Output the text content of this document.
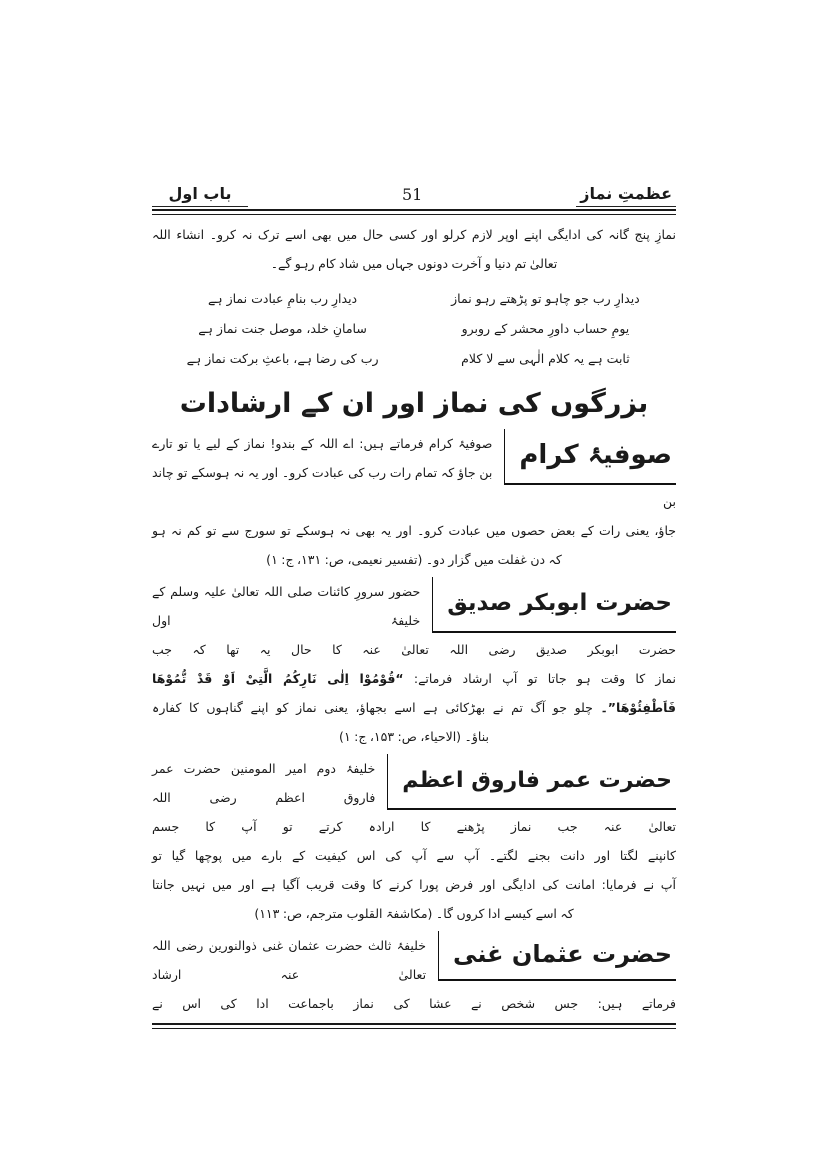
عظمتِ نماز
51
باب اول
نمازِ پنج گانہ کی ادایگی اپنے اوپر لازم کرلو اور کسی حال میں بھی اسے ترک نہ کرو۔ انشاء اللہ
تعالیٰ تم دنیا و آخرت دونوں جہاں میں شاد کام رہو گے۔
دیدارِ رب جو چاہو تو پڑھتے رہو نماز
دیدارِ رب بنامِ عبادت نماز ہے
یومِ حساب داورِ محشر کے روبرو
سامانِ خلد، موصل جنت نماز ہے
ثابت ہے یہ کلام الٰہی سے لا کلام
رب کی رضا ہے، باعثِ برکت نماز ہے
بزرگوں کی نماز اور ان کے ارشادات
صوفیۂ کرام
صوفیۂ کرام فرماتے ہیں: اے اللہ کے بندو! نماز کے لیے یا تو تارے
بن جاؤ کہ تمام رات رب کی عبادت کرو۔ اور یہ نہ ہوسکے تو چاند بن
جاؤ، یعنی رات کے بعض حصوں میں عبادت کرو۔ اور یہ بھی نہ ہوسکے تو سورج سے تو کم نہ ہو
کہ دن غفلت میں گزار دو۔ (تفسیر نعیمی، ص: ۱۳۱، ج: ۱)
حضرت ابوبکر صدیق
حضور سرورِ کائنات صلی اللہ تعالیٰ علیہ وسلم کے خلیفۂ اول
حضرت ابوبکر صدیق رضی اللہ تعالیٰ عنہ کا حال یہ تھا کہ جب
نماز کا وقت ہو جاتا تو آپ ارشاد فرماتے: “قُوْمُوْا اِلٰی نَارِکُمُ الَّتِیْ اَوْ قَدْ تُّمُوْھَا
فَاَطْفِئُوْھَا”۔ چلو جو آگ تم نے بھڑکائی ہے اسے بجھاؤ، یعنی نماز کو اپنے گناہوں کا کفارہ
بناؤ۔ (الاحیاء، ص: ۱۵۳، ج: ۱)
حضرت عمر فاروق اعظم
خلیفۂ دوم امیر المومنین حضرت عمر فاروق اعظم رضی اللہ
تعالیٰ عنہ جب نماز پڑھنے کا ارادہ کرتے تو آپ کا جسم
کانپنے لگتا اور دانت بجنے لگتے۔ آپ سے آپ کی اس کیفیت کے بارے میں پوچھا گیا تو
آپ نے فرمایا: امانت کی ادایگی اور فرض پورا کرنے کا وقت قریب آگیا ہے اور میں نہیں جانتا
کہ اسے کیسے ادا کروں گا۔ (مکاشفۃ القلوب مترجم، ص: ۱۱۳)
حضرت عثمان غنی
خلیفۂ ثالث حضرت عثمان غنی ذوالنورین رضی اللہ تعالیٰ عنہ ارشاد
فرماتے ہیں: جس شخص نے عشا کی نماز باجماعت ادا کی اس نے
